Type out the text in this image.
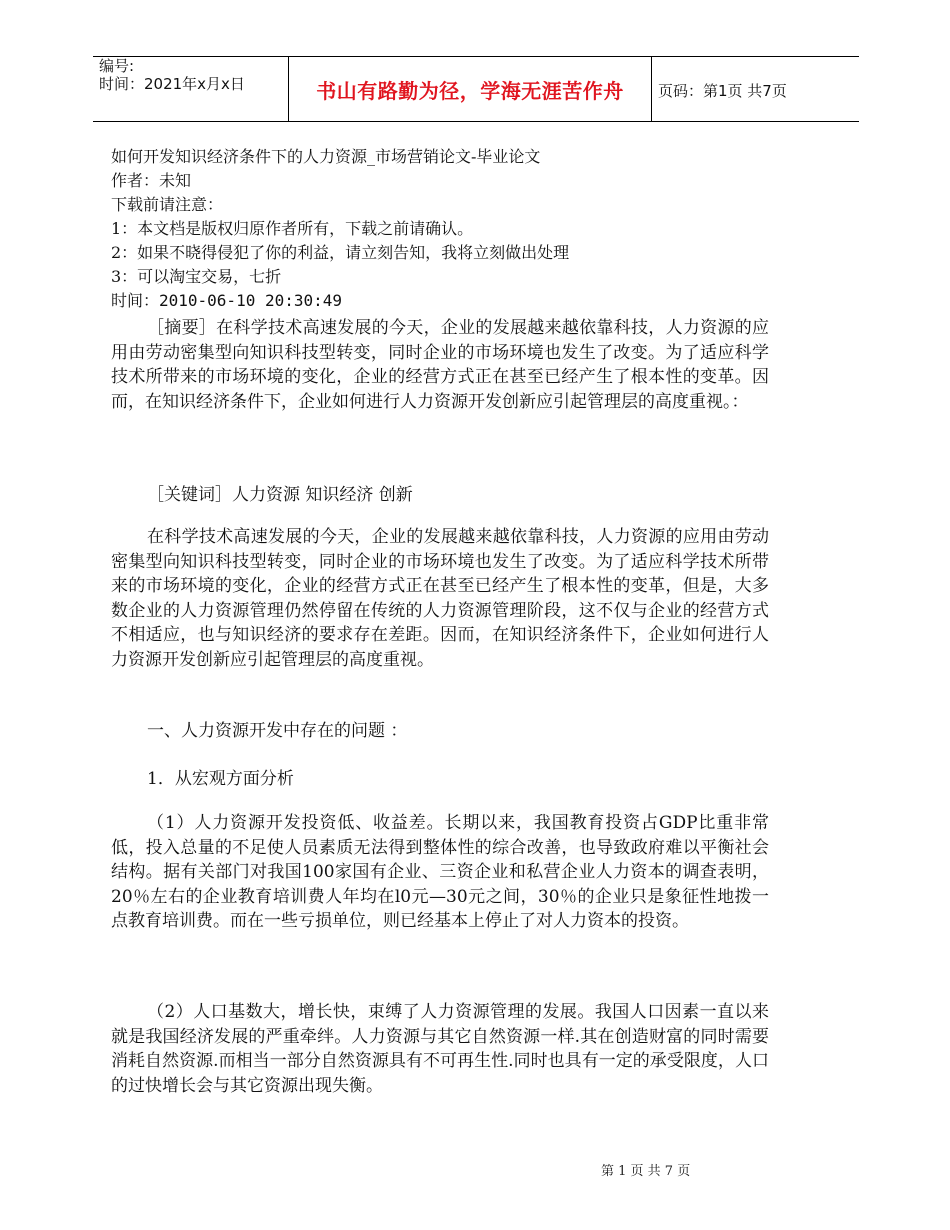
编号:
时间：2021年x月x日	书山有路勤为径，学海无涯苦作舟	页码：第1页 共7页
如何开发知识经济条件下的人力资源_市场营销论文-毕业论文
作者：未知
下载前请注意：
1：本文档是版权归原作者所有，下载之前请确认。
2：如果不晓得侵犯了你的利益，请立刻告知，我将立刻做出处理
3：可以淘宝交易，七折
时间：2010-06-10 20:30:49
［摘要］在科学技术高速发展的今天，企业的发展越来越依靠科技，人力资源的应用由劳动密集型向知识科技型转变，同时企业的市场环境也发生了改变。为了适应科学技术所带来的市场环境的变化，企业的经营方式正在甚至已经产生了根本性的变革。因而，在知识经济条件下，企业如何进行人力资源开发创新应引起管理层的高度重视。：
［关键词］人力资源 知识经济 创新
在科学技术高速发展的今天，企业的发展越来越依靠科技，人力资源的应用由劳动密集型向知识科技型转变，同时企业的市场环境也发生了改变。为了适应科学技术所带来的市场环境的变化，企业的经营方式正在甚至已经产生了根本性的变革，但是，大多数企业的人力资源管理仍然停留在传统的人力资源管理阶段，这不仅与企业的经营方式不相适应，也与知识经济的要求存在差距。因而，在知识经济条件下，企业如何进行人力资源开发创新应引起管理层的高度重视。
一、人力资源开发中存在的问题 ：
1．从宏观方面分析
（1）人力资源开发投资低、收益差。长期以来，我国教育投资占GDP比重非常低，投入总量的不足使人员素质无法得到整体性的综合改善，也导致政府难以平衡社会结构。据有关部门对我国100家国有企业、三资企业和私营企业人力资本的调查表明，20％左右的企业教育培训费人年均在l0元—30元之间，30％的企业只是象征性地拨一点教育培训费。而在一些亏损单位，则已经基本上停止了对人力资本的投资。
（2）人口基数大，增长快，束缚了人力资源管理的发展。我国人口因素一直以来就是我国经济发展的严重牵绊。人力资源与其它自然资源一样.其在创造财富的同时需要消耗自然资源.而相当一部分自然资源具有不可再生性.同时也具有一定的承受限度，人口的过快增长会与其它资源出现失衡。
第 1 页 共 7 页
